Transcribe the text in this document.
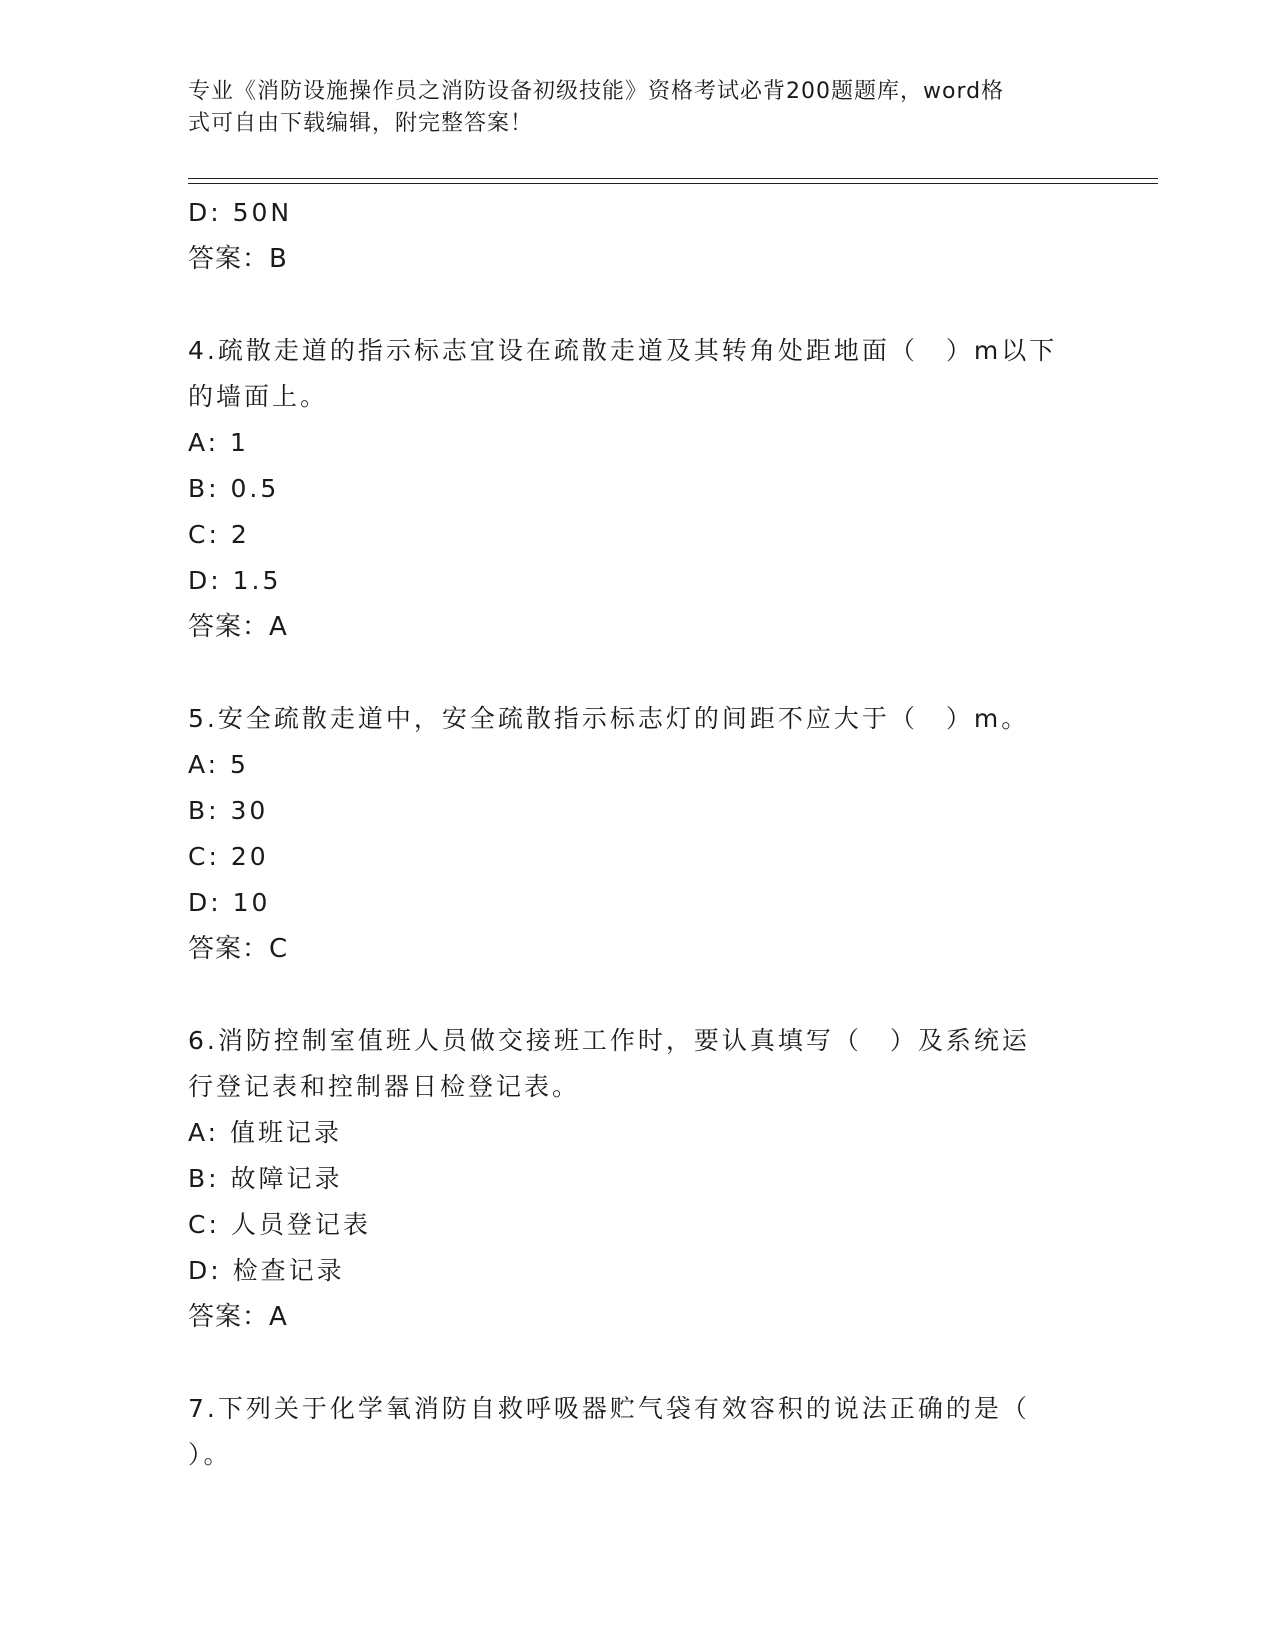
专业《消防设施操作员之消防设备初级技能》资格考试必背200题题库，word格
式可自由下载编辑，附完整答案！
D: 50N
答案：B
4.疏散走道的指示标志宜设在疏散走道及其转角处距地面（　）m以下
的墙面上。
A: 1
B: 0.5
C: 2
D: 1.5
答案：A
5.安全疏散走道中，安全疏散指示标志灯的间距不应大于（　）m。
A: 5
B: 30
C: 20
D: 10
答案：C
6.消防控制室值班人员做交接班工作时，要认真填写（　）及系统运
行登记表和控制器日检登记表。
A: 值班记录
B: 故障记录
C: 人员登记表
D: 检查记录
答案：A
7.下列关于化学氧消防自救呼吸器贮气袋有效容积的说法正确的是（
）。
